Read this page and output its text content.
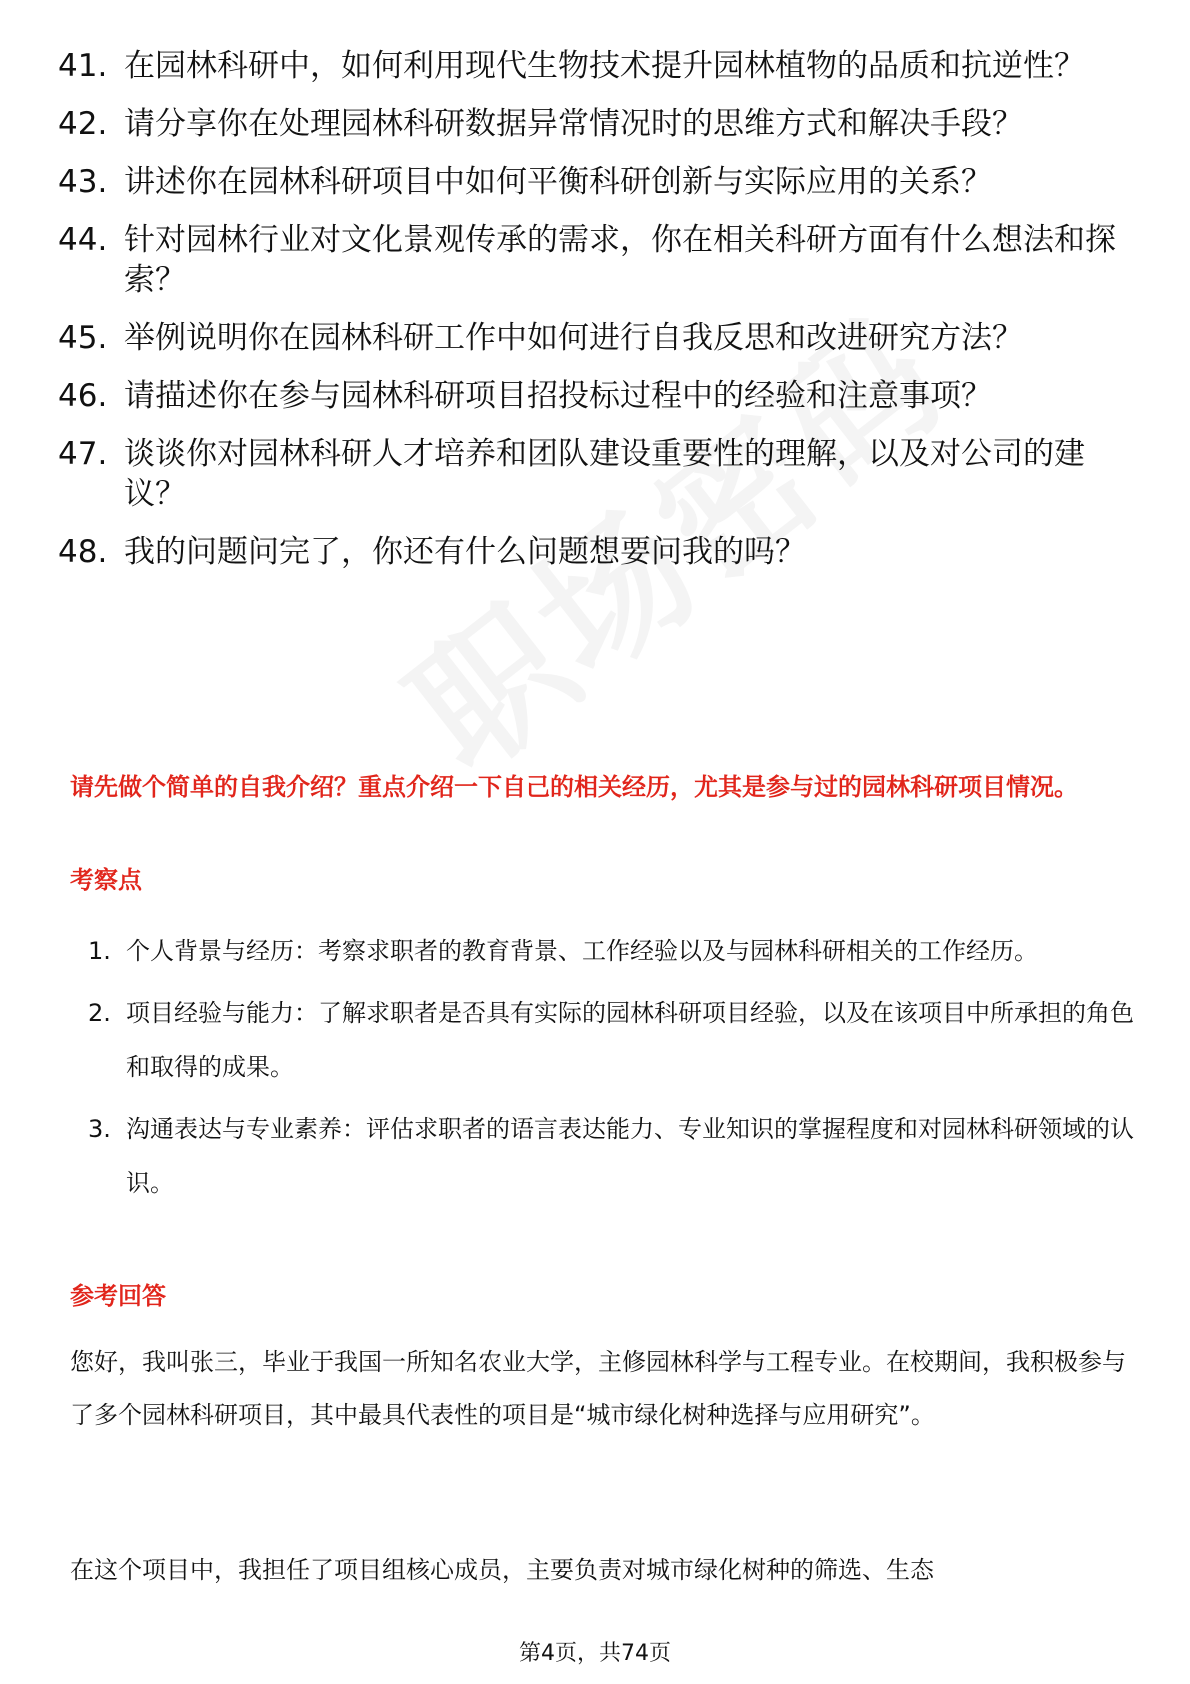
41. 在园林科研中，如何利用现代生物技术提升园林植物的品质和抗逆性？
42. 请分享你在处理园林科研数据异常情况时的思维方式和解决手段？
43. 讲述你在园林科研项目中如何平衡科研创新与实际应用的关系？
44. 针对园林行业对文化景观传承的需求，你在相关科研方面有什么想法和探索？
45. 举例说明你在园林科研工作中如何进行自我反思和改进研究方法？
46. 请描述你在参与园林科研项目招投标过程中的经验和注意事项？
47. 谈谈你对园林科研人才培养和团队建设重要性的理解，以及对公司的建议？
48. 我的问题问完了，你还有什么问题想要问我的吗？
请先做个简单的自我介绍？重点介绍一下自己的相关经历，尤其是参与过的园林科研项目情况。
考察点
1. 个人背景与经历：考察求职者的教育背景、工作经验以及与园林科研相关的工作经历。
2. 项目经验与能力：了解求职者是否具有实际的园林科研项目经验，以及在该项目中所承担的角色和取得的成果。
3. 沟通表达与专业素养：评估求职者的语言表达能力、专业知识的掌握程度和对园林科研领域的认识。
参考回答
您好，我叫张三，毕业于我国一所知名农业大学，主修园林科学与工程专业。在校期间，我积极参与了多个园林科研项目，其中最具代表性的项目是“城市绿化树种选择与应用研究”。
在这个项目中，我担任了项目组核心成员，主要负责对城市绿化树种的筛选、生态
第4页，共74页
